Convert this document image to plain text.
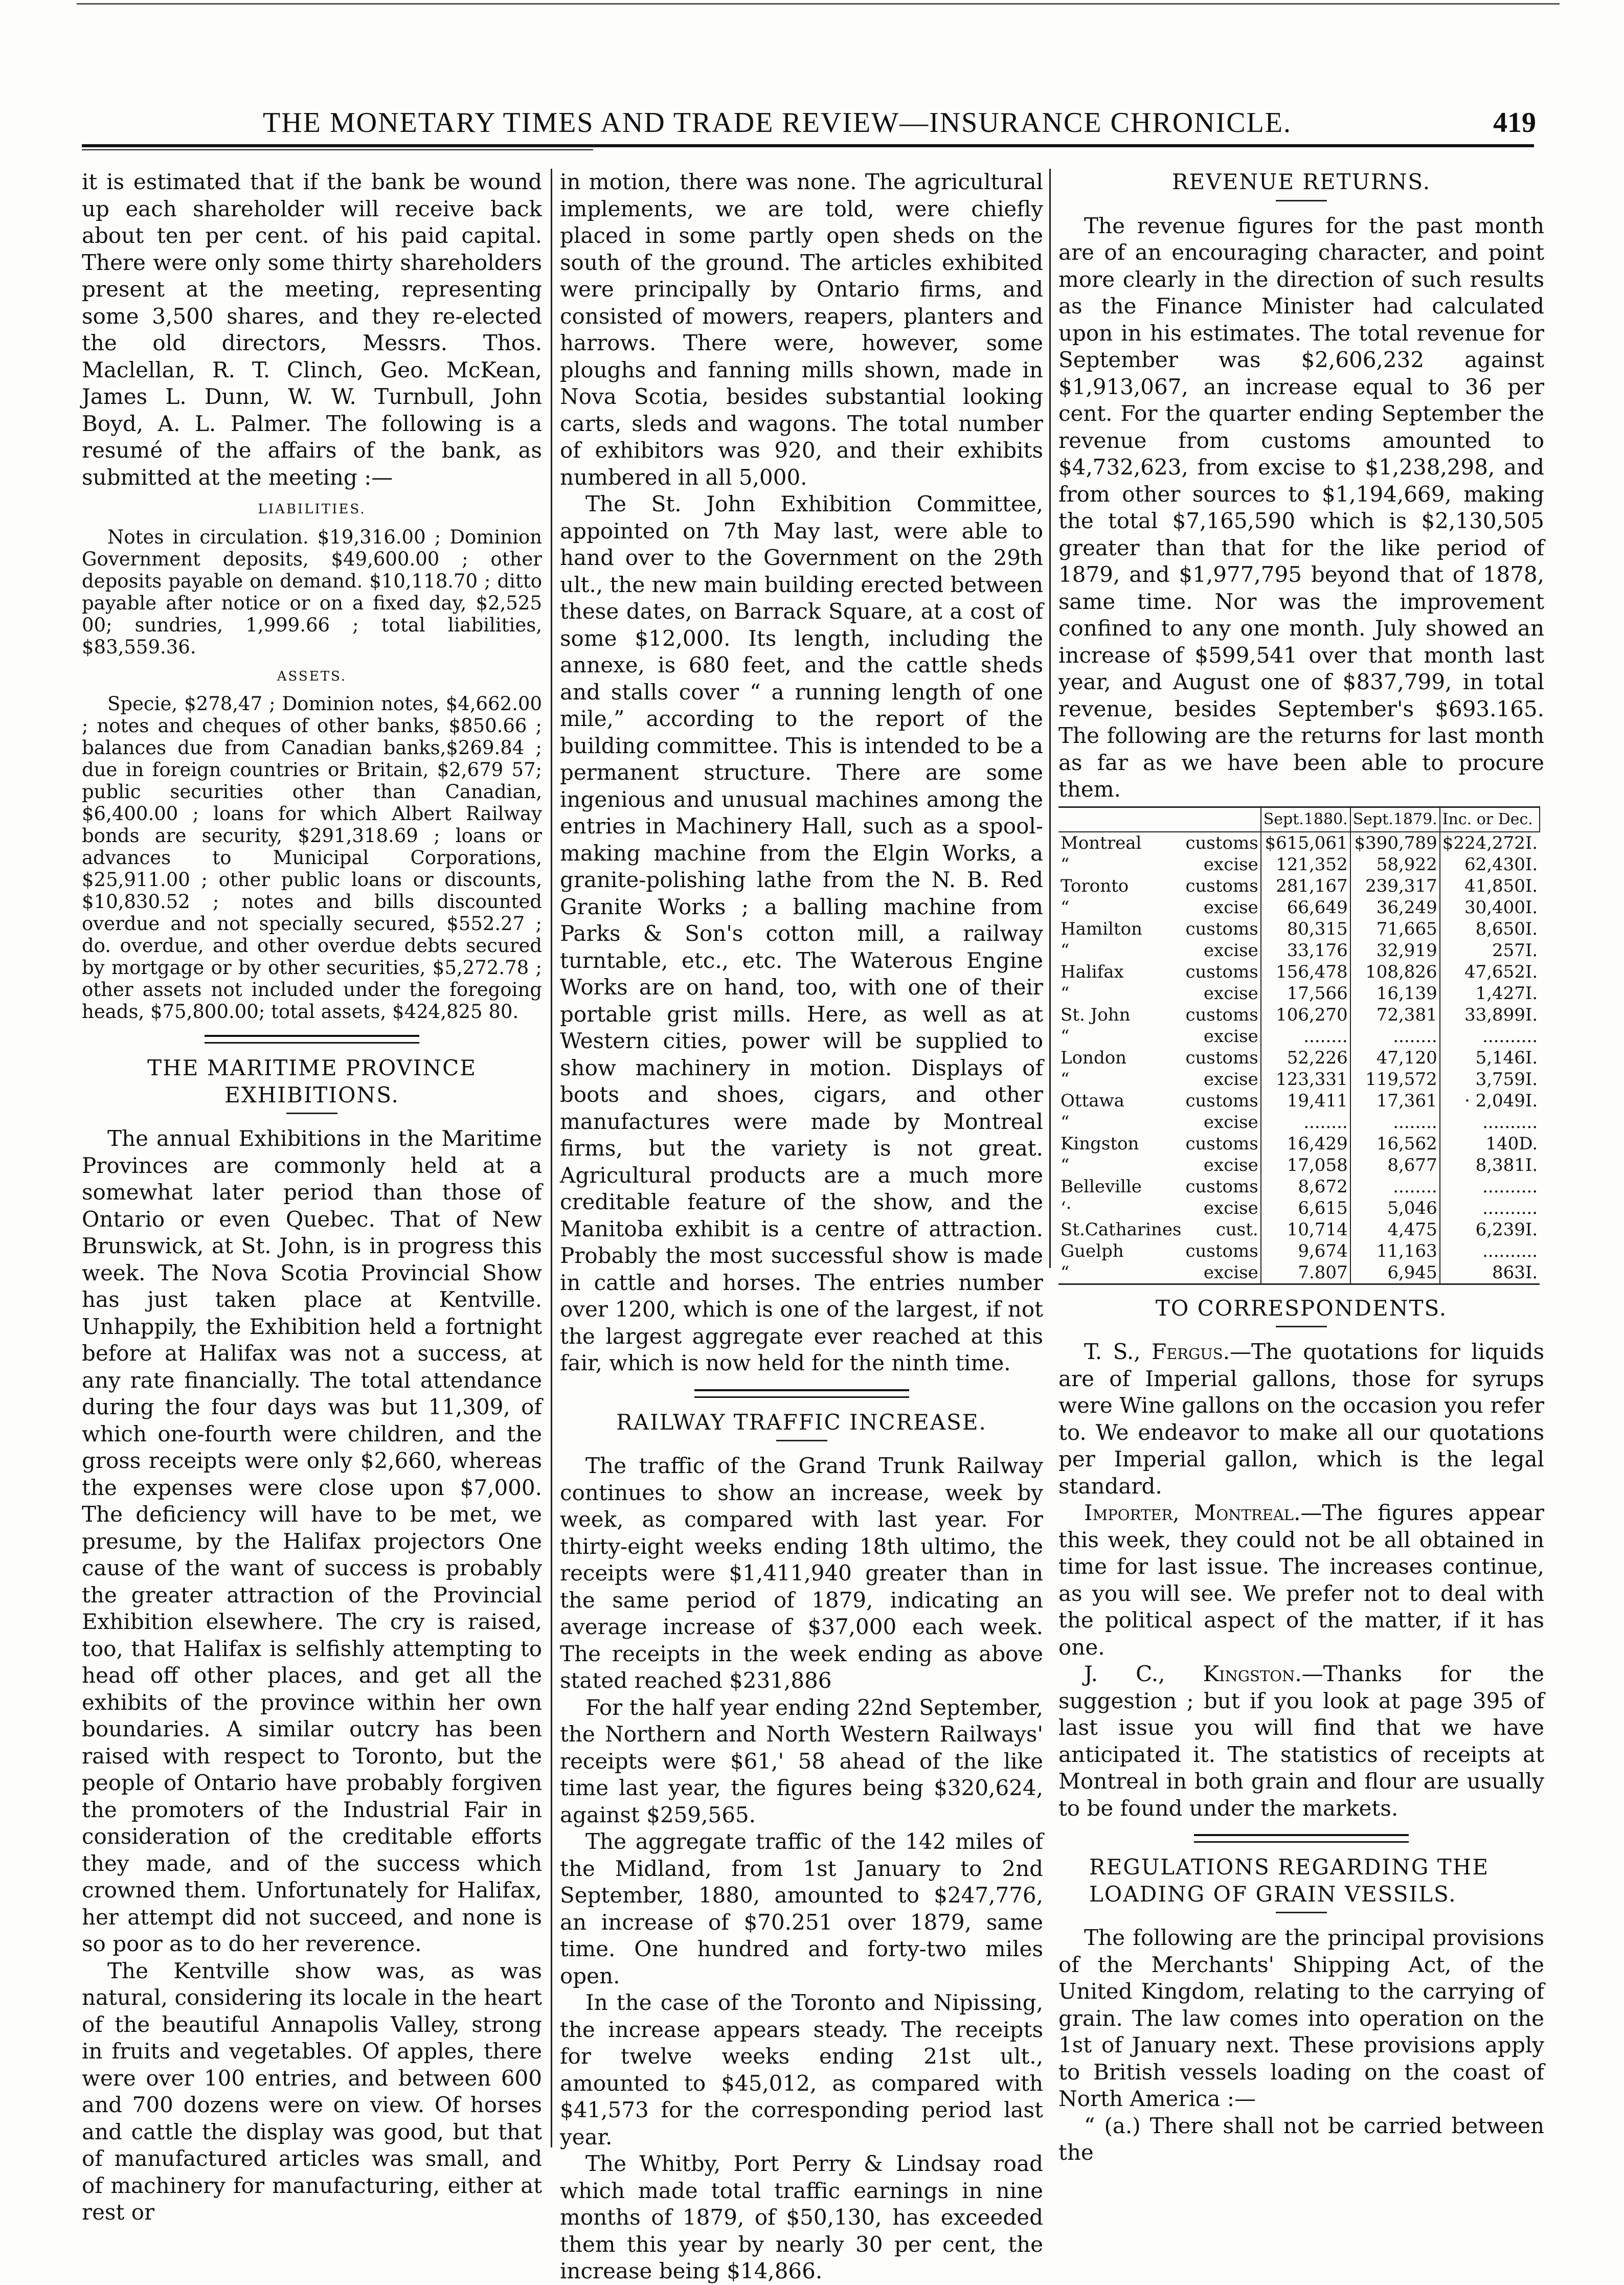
THE MONETARY TIMES AND TRADE REVIEW—INSURANCE CHRONICLE.	419

it is estimated that if the bank be wound up each shareholder will receive back about ten per cent. of his paid capital. There were only some thirty shareholders present at the meeting, representing some 3,500 shares, and they re-elected the old directors, Messrs. Thos. Maclellan, R. T. Clinch, Geo. McKean, James L. Dunn, W. W. Turnbull, John Boyd, A. L. Palmer. The following is a resumé of the affairs of the bank, as submitted at the meeting :—

LIABILITIES.

Notes in circulation. $19,316.00 ; Dominion Government deposits, $49,600.00 ; other deposits payable on demand. $10,118.70 ; ditto payable after notice or on a fixed day, $2,525 00; sundries, 1,999.66 ; total liabilities, $83,559.36.

ASSETS.

Specie, $278,47 ; Dominion notes, $4,662.00 ; notes and cheques of other banks, $850.66 ; balances due from Canadian banks,$269.84 ; due in foreign countries or Britain, $2,679 57; public securities other than Canadian, $6,400.00 ; loans for which Albert Railway bonds are security, $291,318.69 ; loans or advances to Municipal Corporations, $25,911.00 ; other public loans or discounts, $10,830.52 ; notes and bills discounted overdue and not specially secured, $552.27 ; do. overdue, and other overdue debts secured by mortgage or by other securities, $5,272.78 ; other assets not included under the foregoing heads, $75,800.00; total assets, $424,825 80.

THE MARITIME PROVINCE EXHIBITIONS.

The annual Exhibitions in the Maritime Provinces are commonly held at a somewhat later period than those of Ontario or even Quebec. That of New Brunswick, at St. John, is in progress this week. The Nova Scotia Provincial Show has just taken place at Kentville. Unhappily, the Exhibition held a fortnight before at Halifax was not a success, at any rate financially. The total attendance during the four days was but 11,309, of which one-fourth were children, and the gross receipts were only $2,660, whereas the expenses were close upon $7,000. The deficiency will have to be met, we presume, by the Halifax projectors One cause of the want of success is probably the greater attraction of the Provincial Exhibition elsewhere. The cry is raised, too, that Halifax is selfishly attempting to head off other places, and get all the exhibits of the province within her own boundaries. A similar outcry has been raised with respect to Toronto, but the people of Ontario have probably forgiven the promoters of the Industrial Fair in consideration of the creditable efforts they made, and of the success which crowned them. Unfortunately for Halifax, her attempt did not succeed, and none is so poor as to do her reverence.

The Kentville show was, as was natural, considering its locale in the heart of the beautiful Annapolis Valley, strong in fruits and vegetables. Of apples, there were over 100 entries, and between 600 and 700 dozens were on view. Of horses and cattle the display was good, but that of manufactured articles was small, and of machinery for manufacturing, either at rest or

in motion, there was none. The agricultural implements, we are told, were chiefly placed in some partly open sheds on the south of the ground. The articles exhibited were principally by Ontario firms, and consisted of mowers, reapers, planters and harrows. There were, however, some ploughs and fanning mills shown, made in Nova Scotia, besides substantial looking carts, sleds and wagons. The total number of exhibitors was 920, and their exhibits numbered in all 5,000.

The St. John Exhibition Committee, appointed on 7th May last, were able to hand over to the Government on the 29th ult., the new main building erected between these dates, on Barrack Square, at a cost of some $12,000. Its length, including the annexe, is 680 feet, and the cattle sheds and stalls cover “ a running length of one mile,” according to the report of the building committee. This is intended to be a permanent structure. There are some ingenious and unusual machines among the entries in Machinery Hall, such as a spool-making machine from the Elgin Works, a granite-polishing lathe from the N. B. Red Granite Works ; a balling machine from Parks & Son's cotton mill, a railway turntable, etc., etc. The Waterous Engine Works are on hand, too, with one of their portable grist mills. Here, as well as at Western cities, power will be supplied to show machinery in motion. Displays of boots and shoes, cigars, and other manufactures were made by Montreal firms, but the variety is not great. Agricultural products are a much more creditable feature of the show, and the Manitoba exhibit is a centre of attraction. Probably the most successful show is made in cattle and horses. The entries number over 1200, which is one of the largest, if not the largest aggregate ever reached at this fair, which is now held for the ninth time.

RAILWAY TRAFFIC INCREASE.

The traffic of the Grand Trunk Railway continues to show an increase, week by week, as compared with last year. For thirty-eight weeks ending 18th ultimo, the receipts were $1,411,940 greater than in the same period of 1879, indicating an average increase of $37,000 each week. The receipts in the week ending as above stated reached $231,886

For the half year ending 22nd September, the Northern and North Western Railways' receipts were $61,' 58 ahead of the like time last year, the figures being $320,624, against $259,565.

The aggregate traffic of the 142 miles of the Midland, from 1st January to 2nd September, 1880, amounted to $247,776, an increase of $70.251 over 1879, same time. One hundred and forty-two miles open.

In the case of the Toronto and Nipissing, the increase appears steady. The receipts for twelve weeks ending 21st ult., amounted to $45,012, as compared with $41,573 for the corresponding period last year.

The Whitby, Port Perry & Lindsay road which made total traffic earnings in nine months of 1879, of $50,130, has exceeded them this year by nearly 30 per cent, the increase being $14,866.

REVENUE RETURNS.

The revenue figures for the past month are of an encouraging character, and point more clearly in the direction of such results as the Finance Minister had calculated upon in his estimates. The total revenue for September was $2,606,232 against $1,913,067, an increase equal to 36 per cent. For the quarter ending September the revenue from customs amounted to $4,732,623, from excise to $1,238,298, and from other sources to $1,194,669, making the total $7,165,590 which is $2,130,505 greater than that for the like period of 1879, and $1,977,795 beyond that of 1878, same time. Nor was the improvement confined to any one month. July showed an increase of $599,541 over that month last year, and August one of $837,799, in total revenue, besides September's $693.165. The following are the returns for last month as far as we have been able to procure them.

		Sept.1880.	Sept.1879.	Inc. or Dec.
Montreal	customs	$615,061	$390,789	$224,272I.
“	excise	121,352	58,922	62,430I.
Toronto	customs	281,167	239,317	41,850I.
“	excise	66,649	36,249	30,400I.
Hamilton	customs	80,315	71,665	8,650I.
“	excise	33,176	32,919	257I.
Halifax	customs	156,478	108,826	47,652I.
“	excise	17,566	16,139	1,427I.
St. John	customs	106,270	72,381	33,899I.
“	excise	........	........	..........
London	customs	52,226	47,120	5,146I.
“	excise	123,331	119,572	3,759I.
Ottawa	customs	19,411	17,361	· 2,049I.
“	excise	........	........	..........
Kingston	customs	16,429	16,562	140D.
“	excise	17,058	8,677	8,381I.
Belleville	customs	8,672	........	..........
‘·	excise	6,615	5,046	..........
St.Catharines	cust.	10,714	4,475	6,239I.
Guelph	customs	9,674	11,163	..........
“	excise	7.807	6,945	863I.
TO CORRESPONDENTS.

T. S., Fergus.—The quotations for liquids are of Imperial gallons, those for syrups were Wine gallons on the occasion you refer to. We endeavor to make all our quotations per Imperial gallon, which is the legal standard.

Importer, Montreal.—The figures appear this week, they could not be all obtained in time for last issue. The increases continue, as you will see. We prefer not to deal with the political aspect of the matter, if it has one.

J. C., Kingston.—Thanks for the suggestion ; but if you look at page 395 of last issue you will find that we have anticipated it. The statistics of receipts at Montreal in both grain and flour are usually to be found under the markets.

REGULATIONS REGARDING THE LOADING OF GRAIN VESSILS.

The following are the principal provisions of the Merchants' Shipping Act, of the United Kingdom, relating to the carrying of grain. The law comes into operation on the 1st of January next. These provisions apply to British vessels loading on the coast of North America :—

“ (a.) There shall not be carried between the
